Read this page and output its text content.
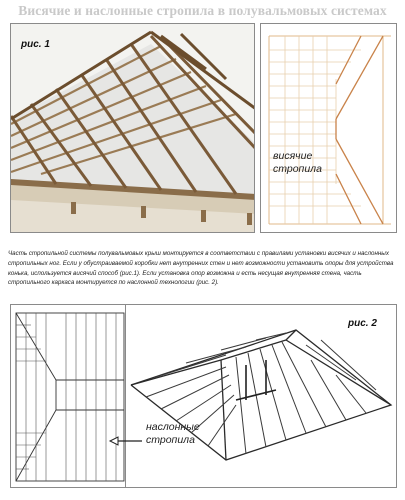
Висячие и наслонные стропила в полувальмовых системах
рис. 1
висячие
стропила
Часть стропильной системы полувальмовых крыш монтируется в соответствии с правилами установки висячих и наслонных стропильных ног. Если у обустраиваемой коробки нет внутренних стен и нет возможности установить опоры для устройства конька, используется висячий способ (рис.1). Если установка опор возможна и есть несущая внутренняя стена, часть стропильного каркаса монтируется по наслонной технологии (рис. 2).
рис. 2
наслонные
стропила
